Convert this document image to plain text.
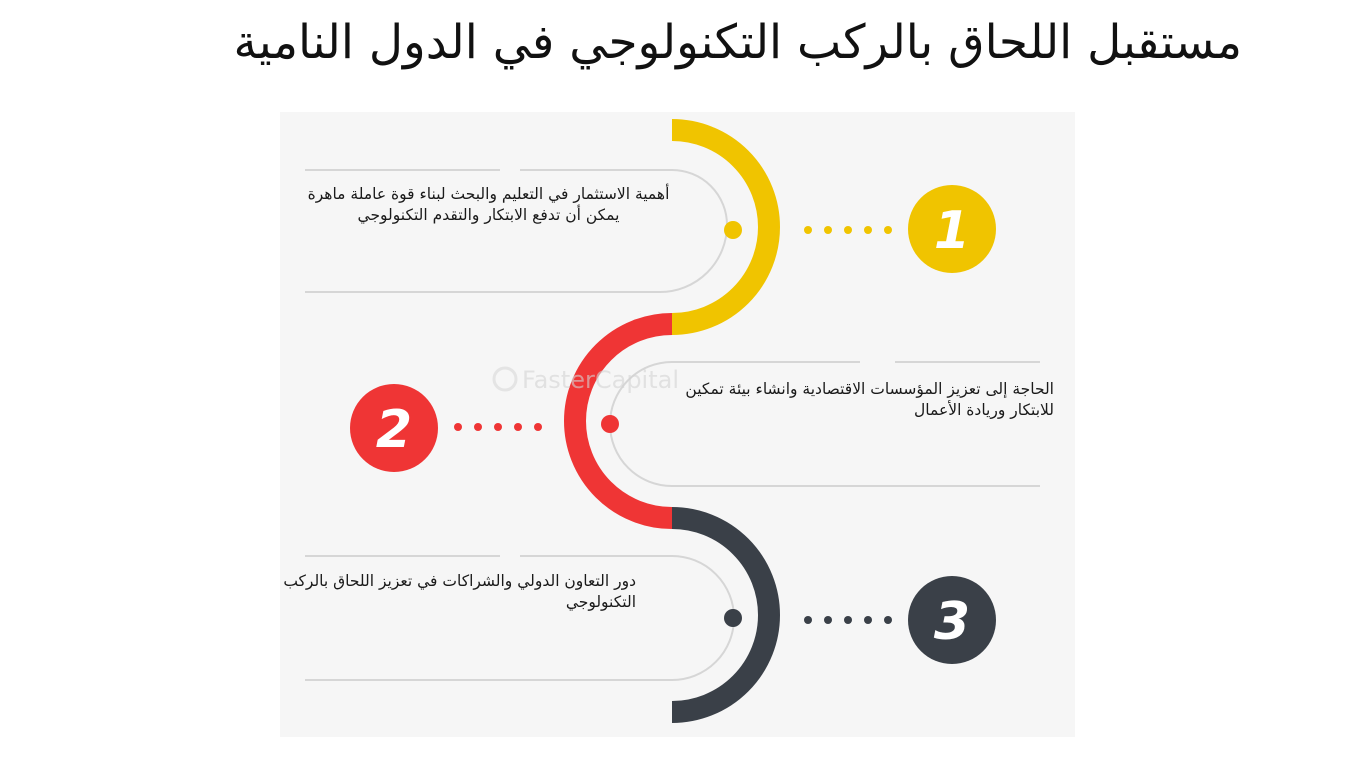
مستقبل اللحاق بالركب التكنولوجي في الدول النامية
FasterCapital
1
2
3
أهمية الاستثمار في التعليم والبحث لبناء قوة عاملة ماهرة يمكن أن تدفع الابتكار والتقدم التكنولوجي
الحاجة إلى تعزيز المؤسسات الاقتصادية وانشاء بيئة تمكين للابتكار وريادة الأعمال
دور التعاون الدولي والشراكات في تعزيز اللحاق بالركب التكنولوجي
